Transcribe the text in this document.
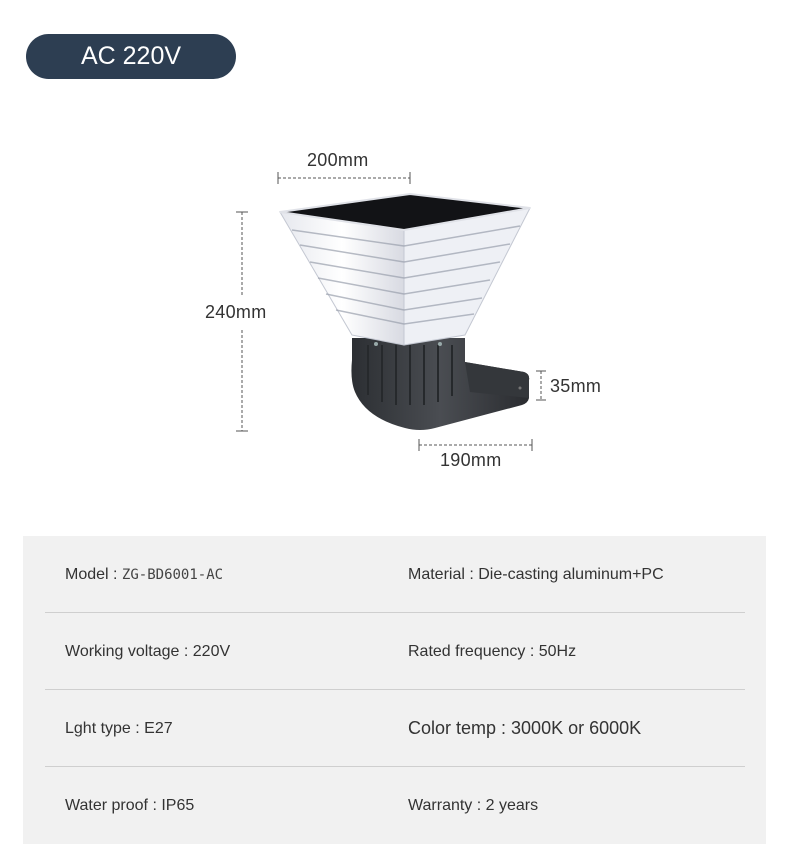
AC 220V
200mm
240mm
35mm
190mm
Model : ZG-BD6001-AC	Material : Die-casting aluminum+PC
Working voltage : 220V	Rated frequency : 50Hz
Lght type : E27	Color temp : 3000K or 6000K
Water proof : IP65	Warranty : 2 years
